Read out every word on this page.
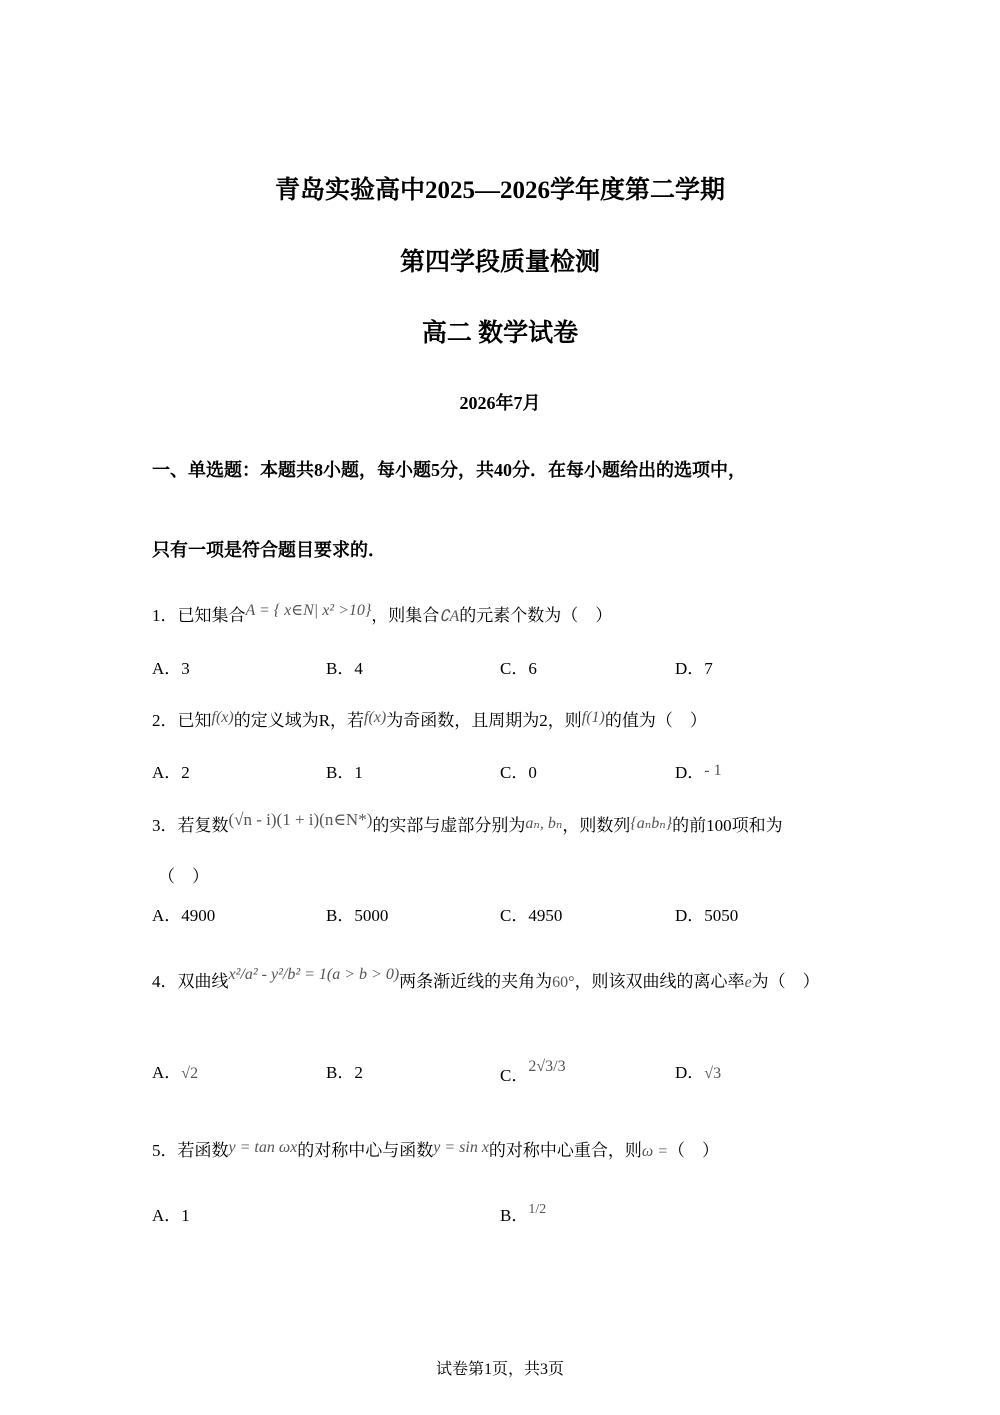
青岛实验高中2025—2026学年度第二学期
第四学段质量检测
高二 数学试卷
2026年7月
一、单选题：本题共8小题，每小题5分，共40分．在每小题给出的选项中，
只有一项是符合题目要求的．
1．已知集合A = { x∈N| x² >10}，则集合∁A的元素个数为（　）
A．3	B．4	C．6	D．7
2．已知f(x)的定义域为R，若f(x)为奇函数，且周期为2，则f(1)的值为（　）
A．2	B．1	C．0	D．- 1
3．若复数(√n - i)(1 + i)(n∈N*)的实部与虚部分别为aₙ, bₙ，则数列{aₙbₙ}的前100项和为
（　）
A．4900	B．5000	C．4950	D．5050
4．双曲线x²/a² - y²/b² = 1(a > b > 0)两条渐近线的夹角为60°，则该双曲线的离心率e为（　）
A．√2	B．2	C．2√3/3	D．√3
5．若函数y = tan ωx的对称中心与函数y = sin x的对称中心重合，则ω =（　）
A．1	B．1/2
试卷第1页，共3页
